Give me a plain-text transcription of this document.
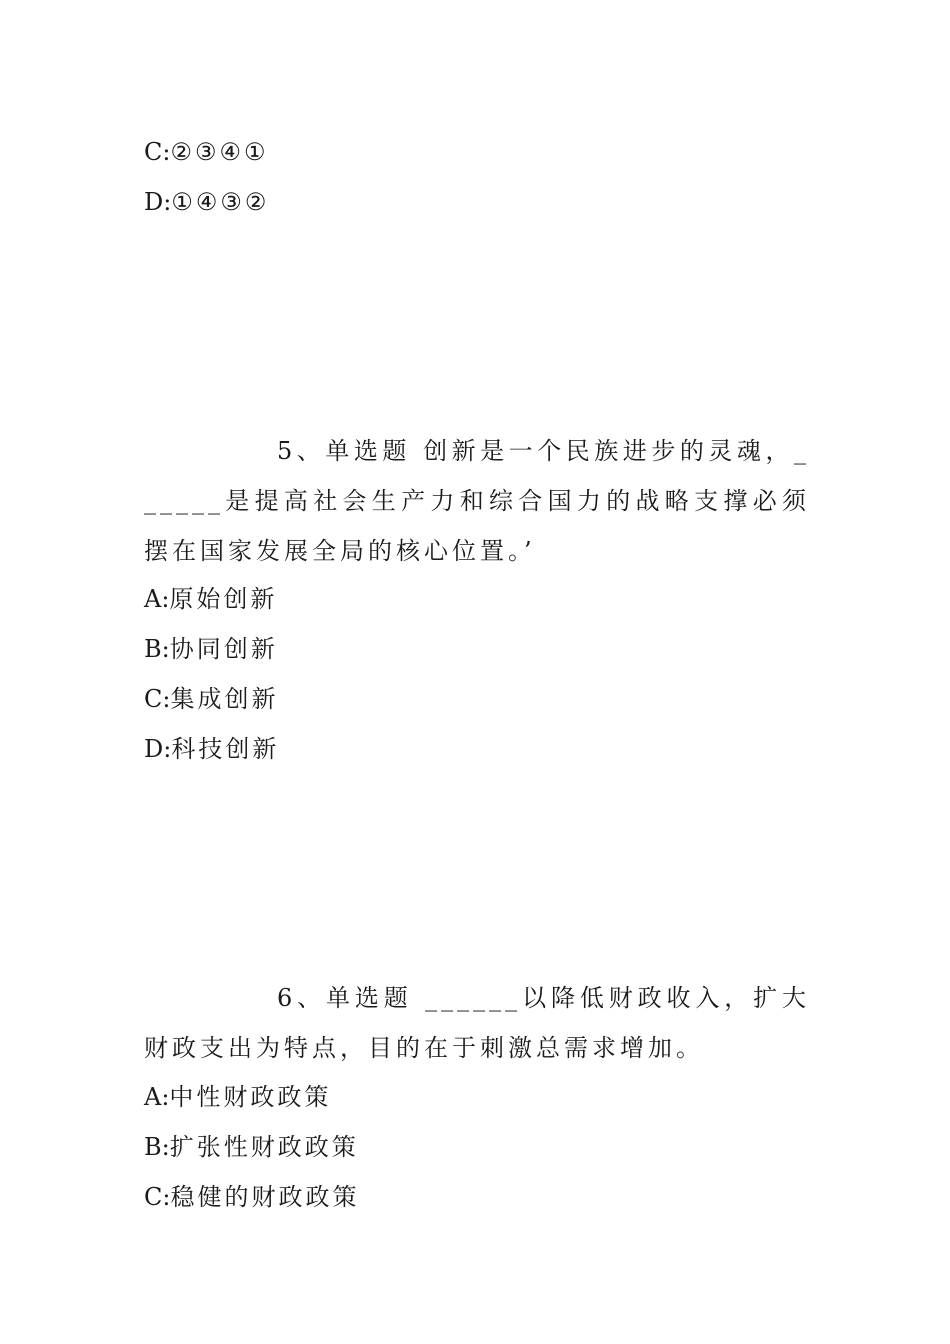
C:②③④①
D:①④③②
5、单选题 创新是一个民族进步的灵魂，______是提高社会生产力和综合国力的战略支撑必须摆在国家发展全局的核心位置。’
A:原始创新
B:协同创新
C:集成创新
D:科技创新
6、单选题 ______以降低财政收入，扩大财政支出为特点，目的在于刺激总需求增加。
A:中性财政政策
B:扩张性财政政策
C:稳健的财政政策
